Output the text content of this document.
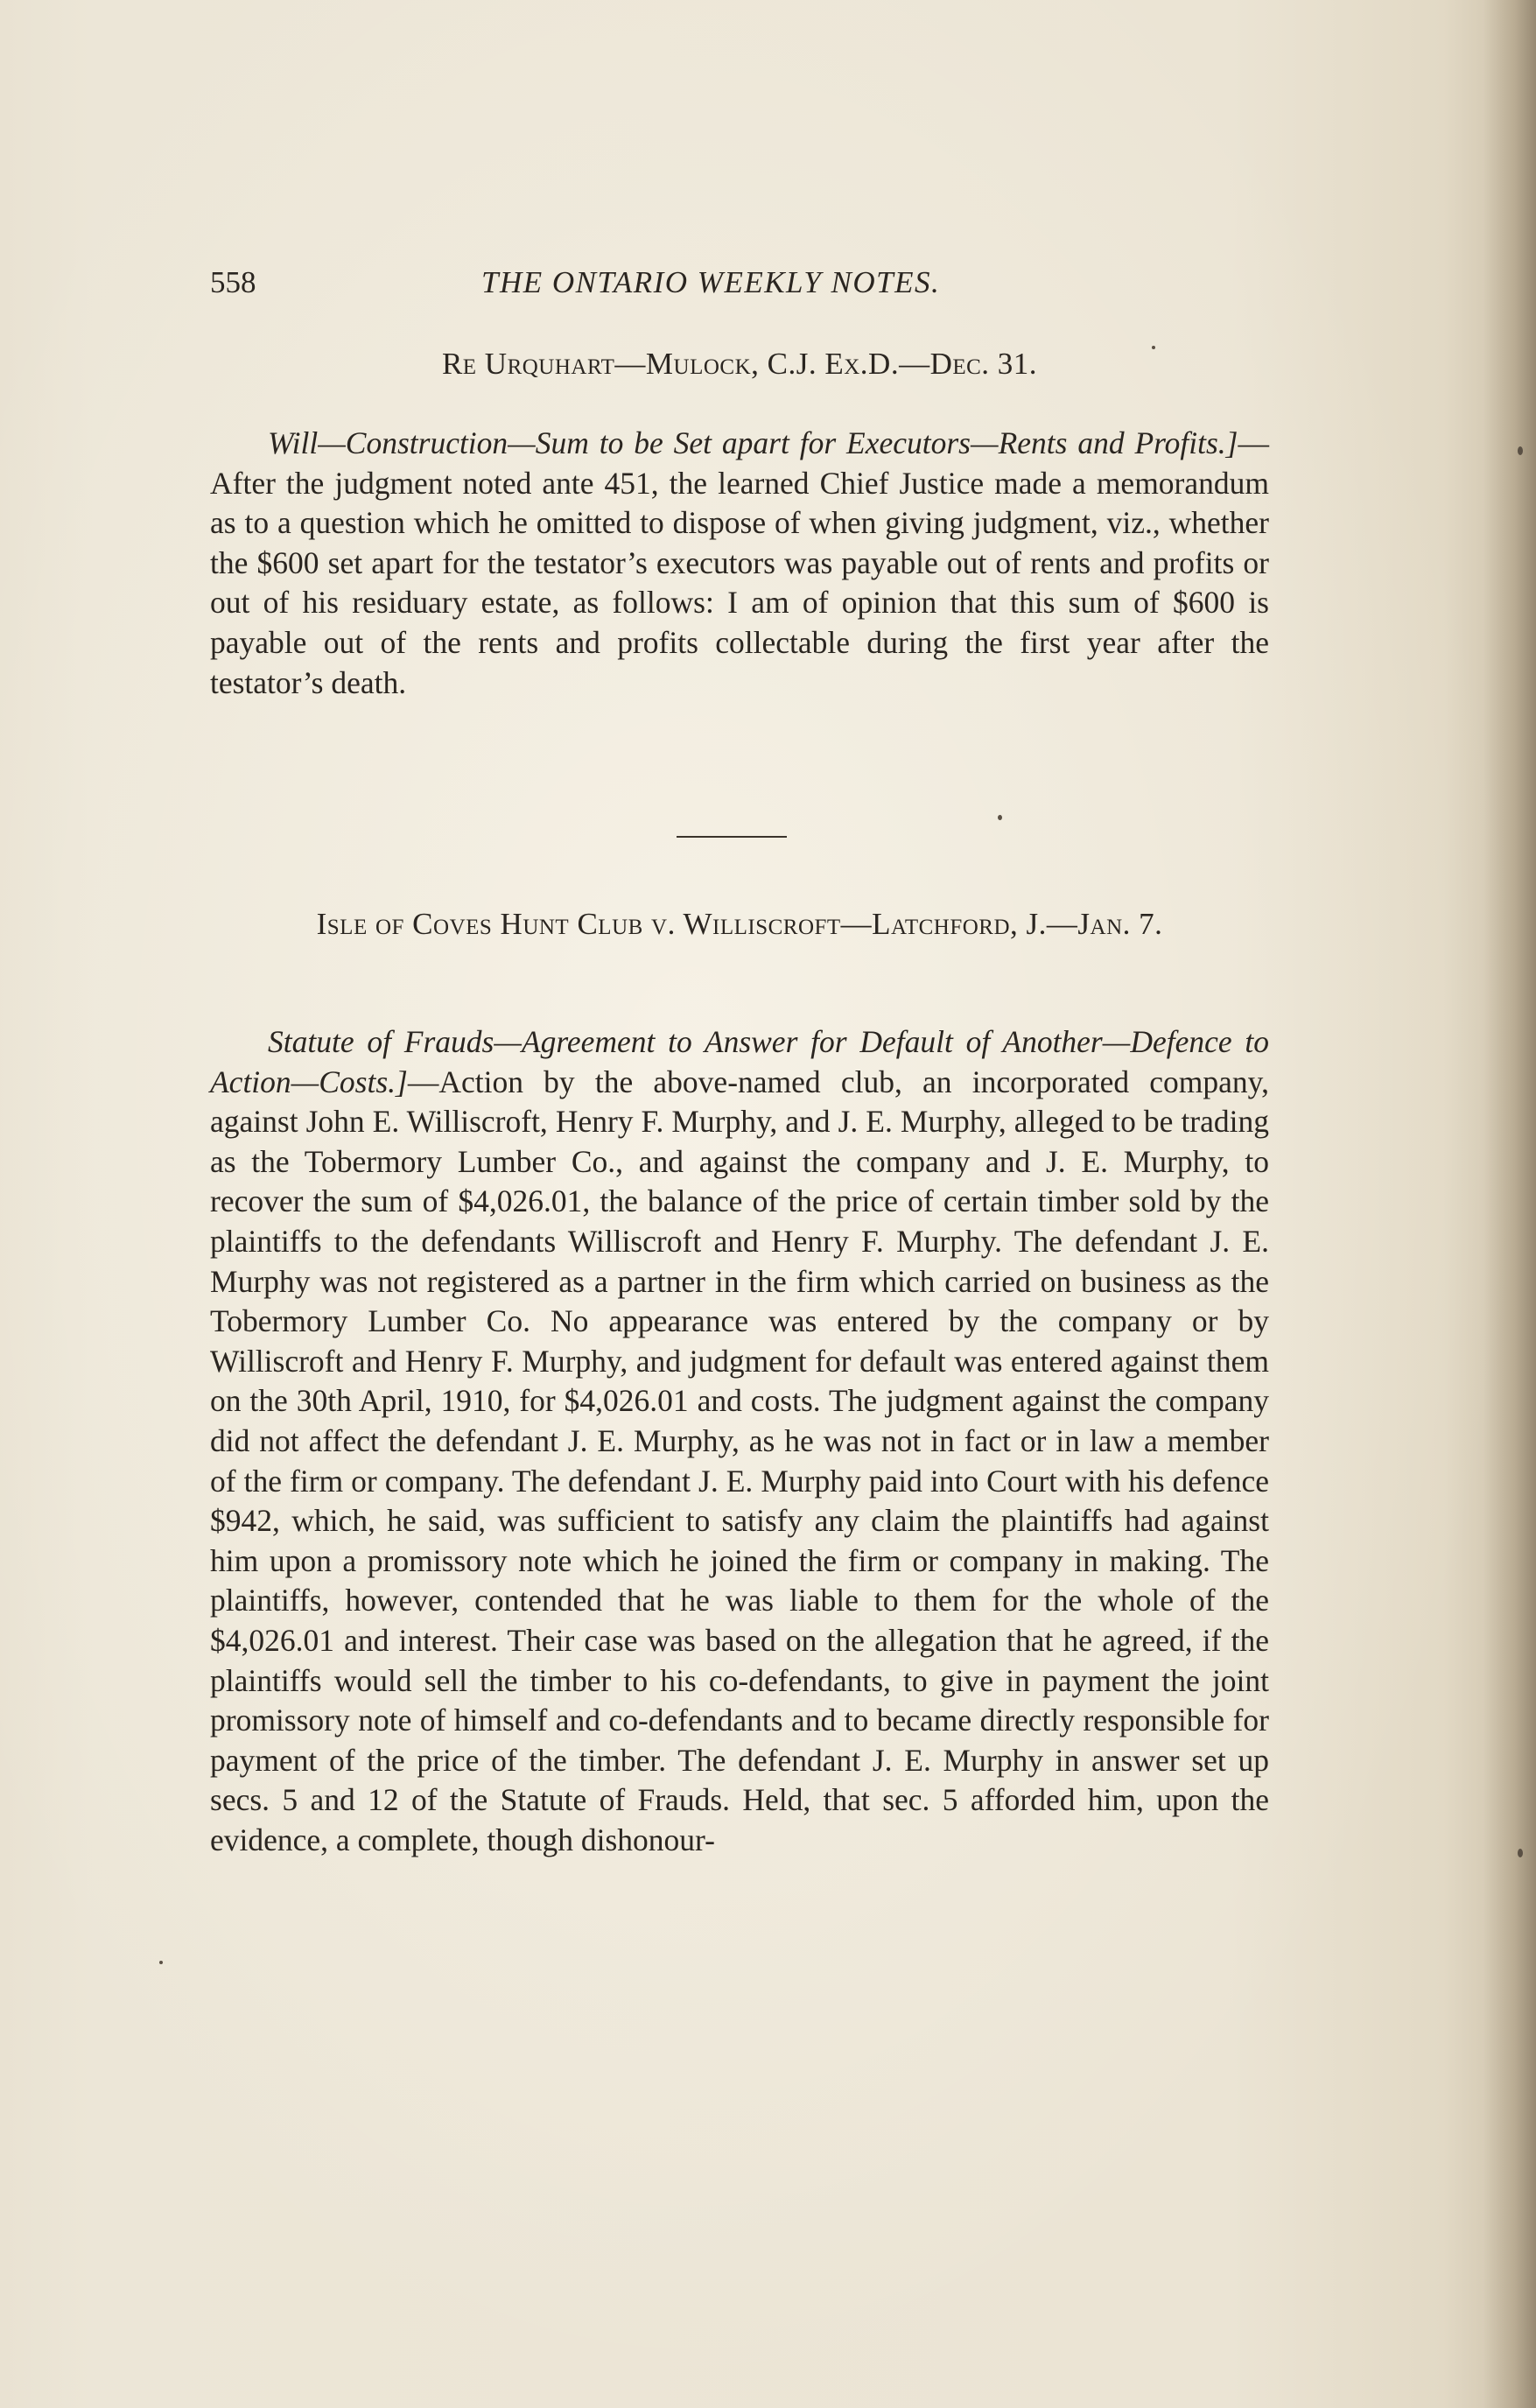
558	THE ONTARIO WEEKLY NOTES.
Re Urquhart—Mulock, C.J. Ex.D.—Dec. 31.

Will—Construction—Sum to be Set apart for Executors—Rents and Profits.]—After the judgment noted ante 451, the learned Chief Justice made a memorandum as to a question which he omitted to dispose of when giving judgment, viz., whether the $600 set apart for the testator’s executors was payable out of rents and profits or out of his residuary estate, as follows: I am of opinion that this sum of $600 is payable out of the rents and profits collectable during the first year after the testator’s death.

Isle of Coves Hunt Club v. Williscroft—Latchford, J.—Jan. 7.

Statute of Frauds—Agreement to Answer for Default of Another—Defence to Action—Costs.]—Action by the above-named club, an incorporated company, against John E. Williscroft, Henry F. Murphy, and J. E. Murphy, alleged to be trading as the Tobermory Lumber Co., and against the company and J. E. Murphy, to recover the sum of $4,026.01, the balance of the price of certain timber sold by the plaintiffs to the defendants Williscroft and Henry F. Murphy. The defendant J. E. Murphy was not registered as a partner in the firm which carried on business as the Tobermory Lumber Co. No appearance was entered by the company or by Williscroft and Henry F. Murphy, and judgment for default was entered against them on the 30th April, 1910, for $4,026.01 and costs. The judgment against the company did not affect the defendant J. E. Murphy, as he was not in fact or in law a member of the firm or company. The defendant J. E. Murphy paid into Court with his defence $942, which, he said, was sufficient to satisfy any claim the plaintiffs had against him upon a promissory note which he joined the firm or company in making. The plaintiffs, however, contended that he was liable to them for the whole of the $4,026.01 and interest. Their case was based on the allegation that he agreed, if the plaintiffs would sell the timber to his co-defendants, to give in payment the joint promissory note of himself and co-defendants and to became directly responsible for payment of the price of the timber. The defendant J. E. Murphy in answer set up secs. 5 and 12 of the Statute of Frauds. Held, that sec. 5 afforded him, upon the evidence, a complete, though dishonour-
